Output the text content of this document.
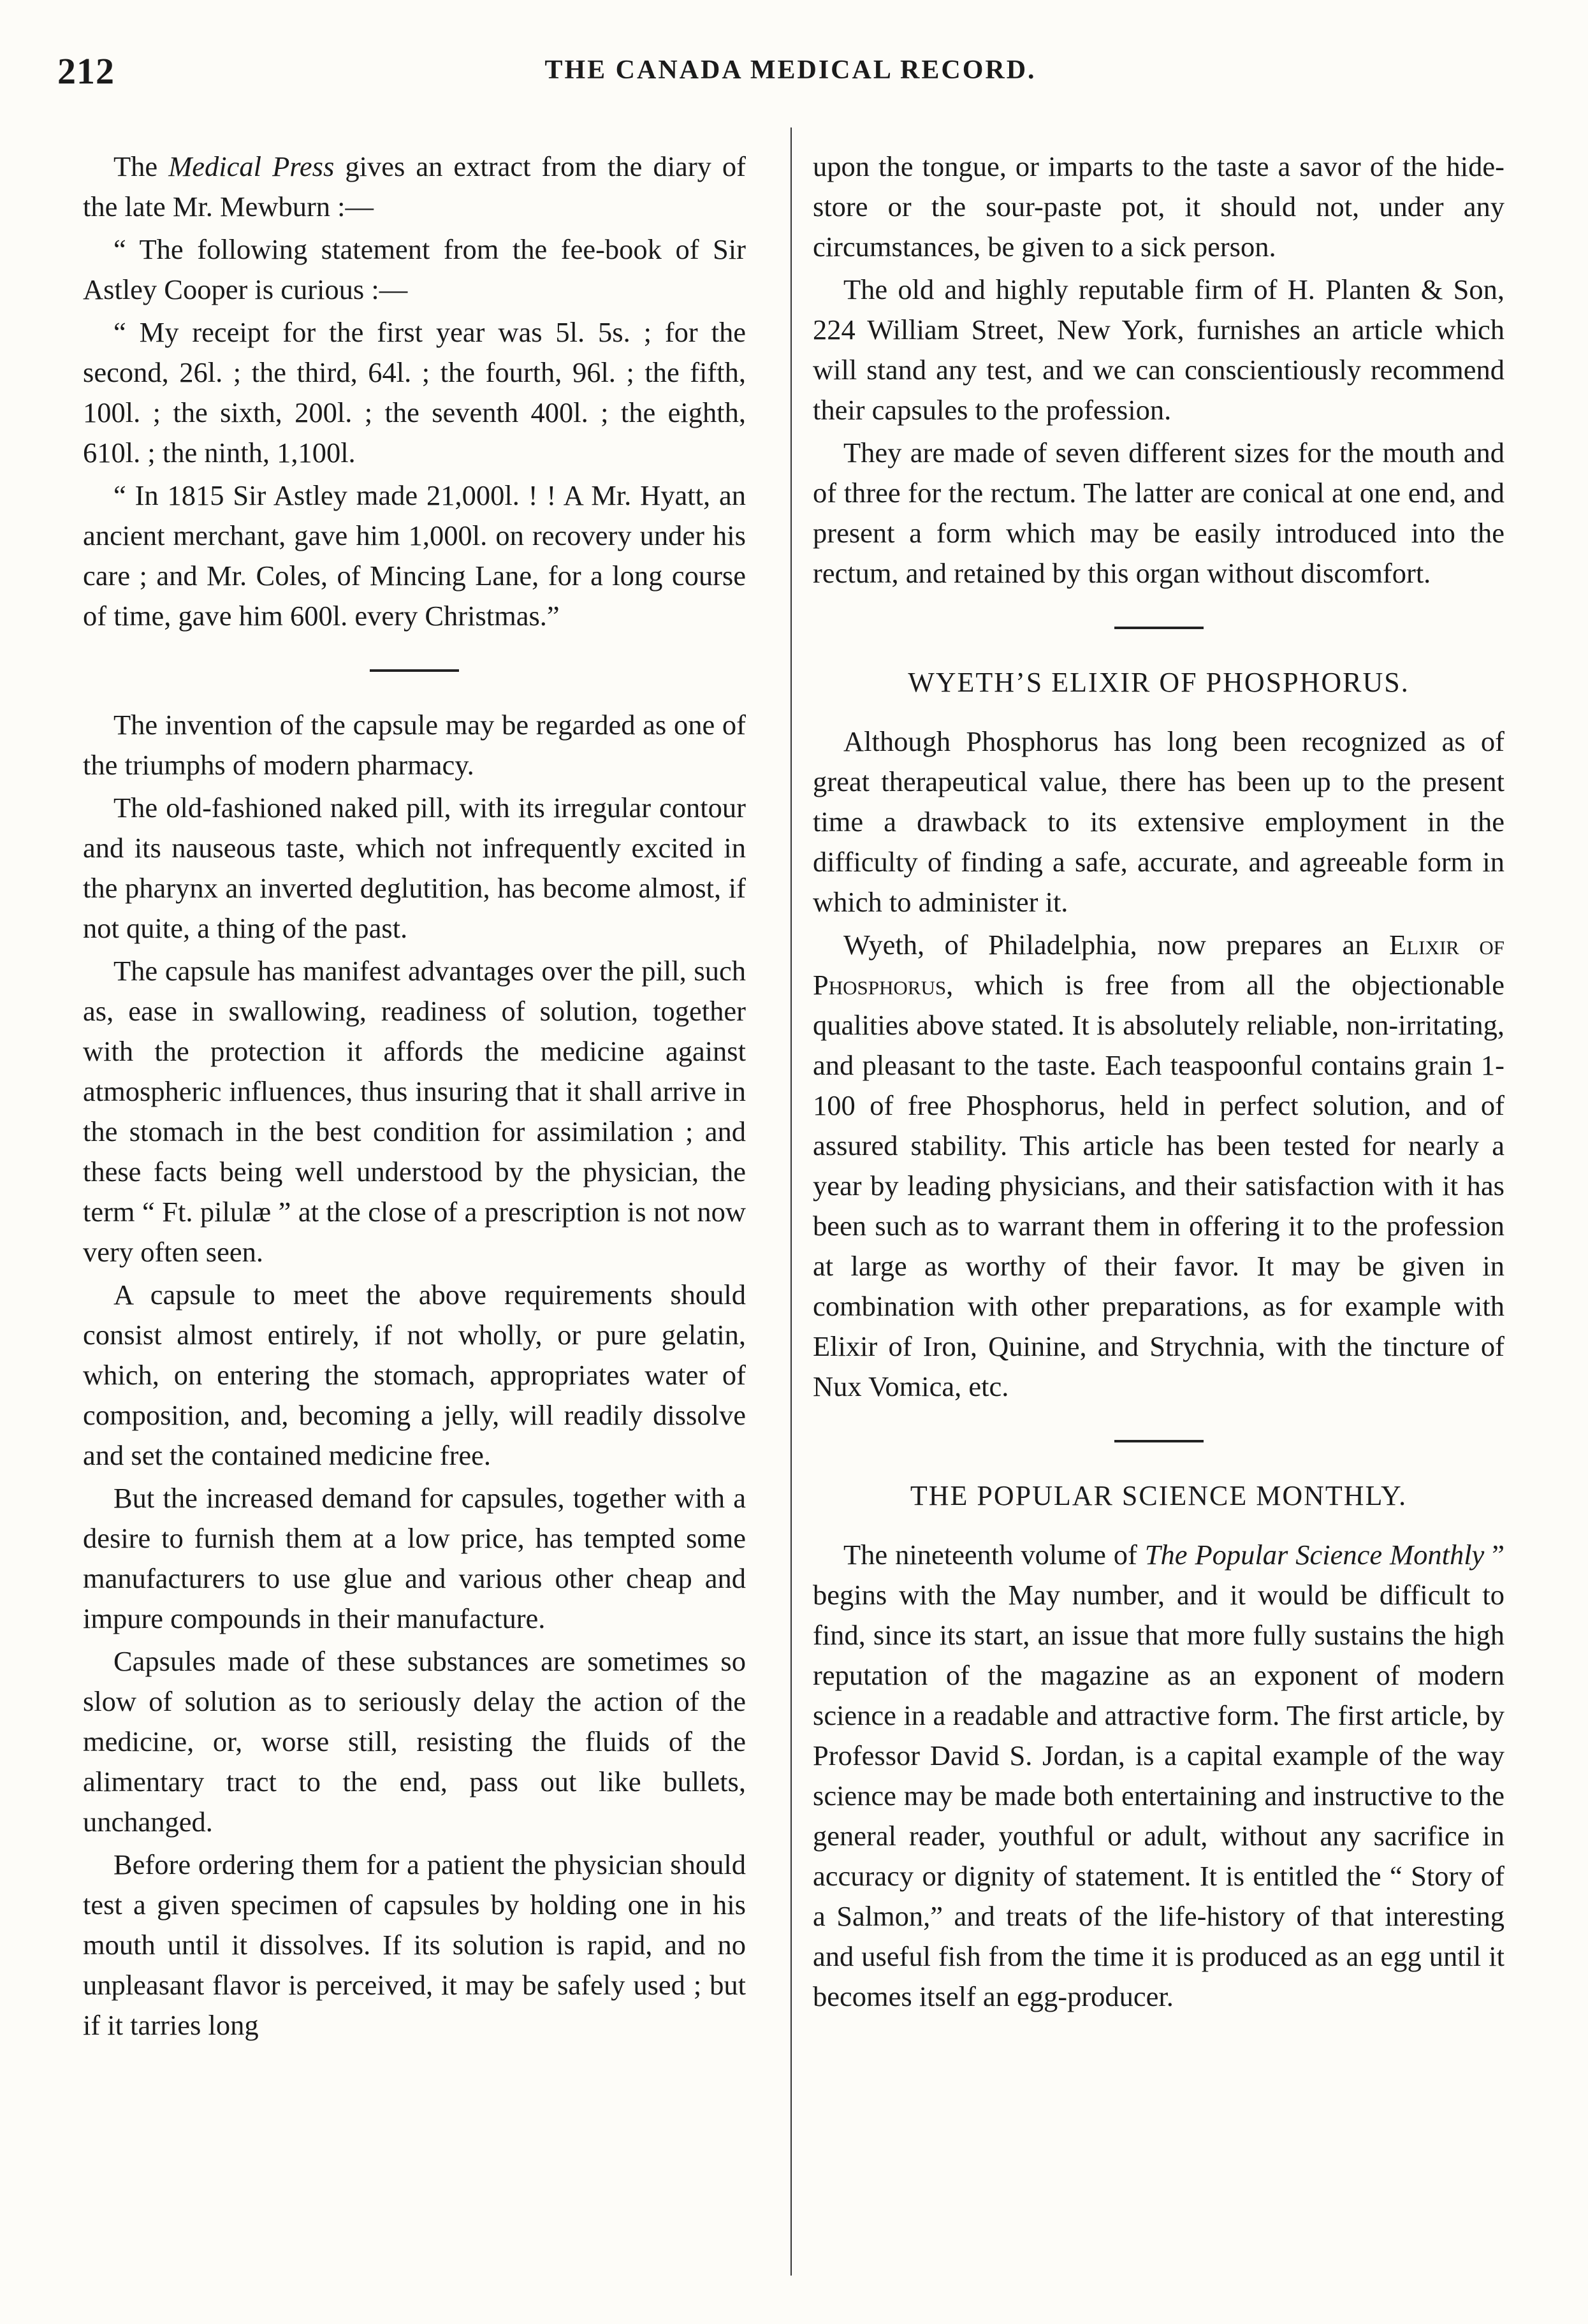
212	THE CANADA MEDICAL RECORD.

The Medical Press gives an extract from the diary of the late Mr. Mewburn :—

“ The following statement from the fee-book of Sir Astley Cooper is curious :—

“ My receipt for the first year was 5l. 5s. ; for the second, 26l. ; the third, 64l. ; the fourth, 96l. ; the fifth, 100l. ; the sixth, 200l. ; the seventh 400l. ; the eighth, 610l. ; the ninth, 1,100l.

“ In 1815 Sir Astley made 21,000l. ! ! A Mr. Hyatt, an ancient merchant, gave him 1,000l. on recovery under his care ; and Mr. Coles, of Mincing Lane, for a long course of time, gave him 600l. every Christmas.”

The invention of the capsule may be regarded as one of the triumphs of modern pharmacy.

The old-fashioned naked pill, with its irregular contour and its nauseous taste, which not infrequently excited in the pharynx an inverted deglutition, has become almost, if not quite, a thing of the past.

The capsule has manifest advantages over the pill, such as, ease in swallowing, readiness of solution, together with the protection it affords the medicine against atmospheric influences, thus insuring that it shall arrive in the stomach in the best condition for assimilation ; and these facts being well understood by the physician, the term “ Ft. pilulæ ” at the close of a prescription is not now very often seen.

A capsule to meet the above requirements should consist almost entirely, if not wholly, or pure gelatin, which, on entering the stomach, appropriates water of composition, and, becoming a jelly, will readily dissolve and set the contained medicine free.

But the increased demand for capsules, together with a desire to furnish them at a low price, has tempted some manufacturers to use glue and various other cheap and impure compounds in their manufacture.

Capsules made of these substances are sometimes so slow of solution as to seriously delay the action of the medicine, or, worse still, resisting the fluids of the alimentary tract to the end, pass out like bullets, unchanged.

Before ordering them for a patient the physician should test a given specimen of capsules by holding one in his mouth until it dissolves. If its solution is rapid, and no unpleasant flavor is perceived, it may be safely used ; but if it tarries long

upon the tongue, or imparts to the taste a savor of the hide-store or the sour-paste pot, it should not, under any circumstances, be given to a sick person.

The old and highly reputable firm of H. Planten & Son, 224 William Street, New York, furnishes an article which will stand any test, and we can conscientiously recommend their capsules to the profession.

They are made of seven different sizes for the mouth and of three for the rectum. The latter are conical at one end, and present a form which may be easily introduced into the rectum, and retained by this organ without discomfort.

WYETH’S ELIXIR OF PHOSPHORUS.

Although Phosphorus has long been recognized as of great therapeutical value, there has been up to the present time a drawback to its extensive employment in the difficulty of finding a safe, accurate, and agreeable form in which to administer it.

Wyeth, of Philadelphia, now prepares an Elixir of Phosphorus, which is free from all the objectionable qualities above stated. It is absolutely reliable, non-irritating, and pleasant to the taste. Each teaspoonful contains grain 1-100 of free Phosphorus, held in perfect solution, and of assured stability. This article has been tested for nearly a year by leading physicians, and their satisfaction with it has been such as to warrant them in offering it to the profession at large as worthy of their favor. It may be given in combination with other preparations, as for example with Elixir of Iron, Quinine, and Strychnia, with the tincture of Nux Vomica, etc.

THE POPULAR SCIENCE MONTHLY.

The nineteenth volume of The Popular Science Monthly ” begins with the May number, and it would be difficult to find, since its start, an issue that more fully sustains the high reputation of the magazine as an exponent of modern science in a readable and attractive form. The first article, by Professor David S. Jordan, is a capital example of the way science may be made both entertaining and instructive to the general reader, youthful or adult, without any sacrifice in accuracy or dignity of statement. It is entitled the “ Story of a Salmon,” and treats of the life-history of that interesting and useful fish from the time it is produced as an egg until it becomes itself an egg-producer.
